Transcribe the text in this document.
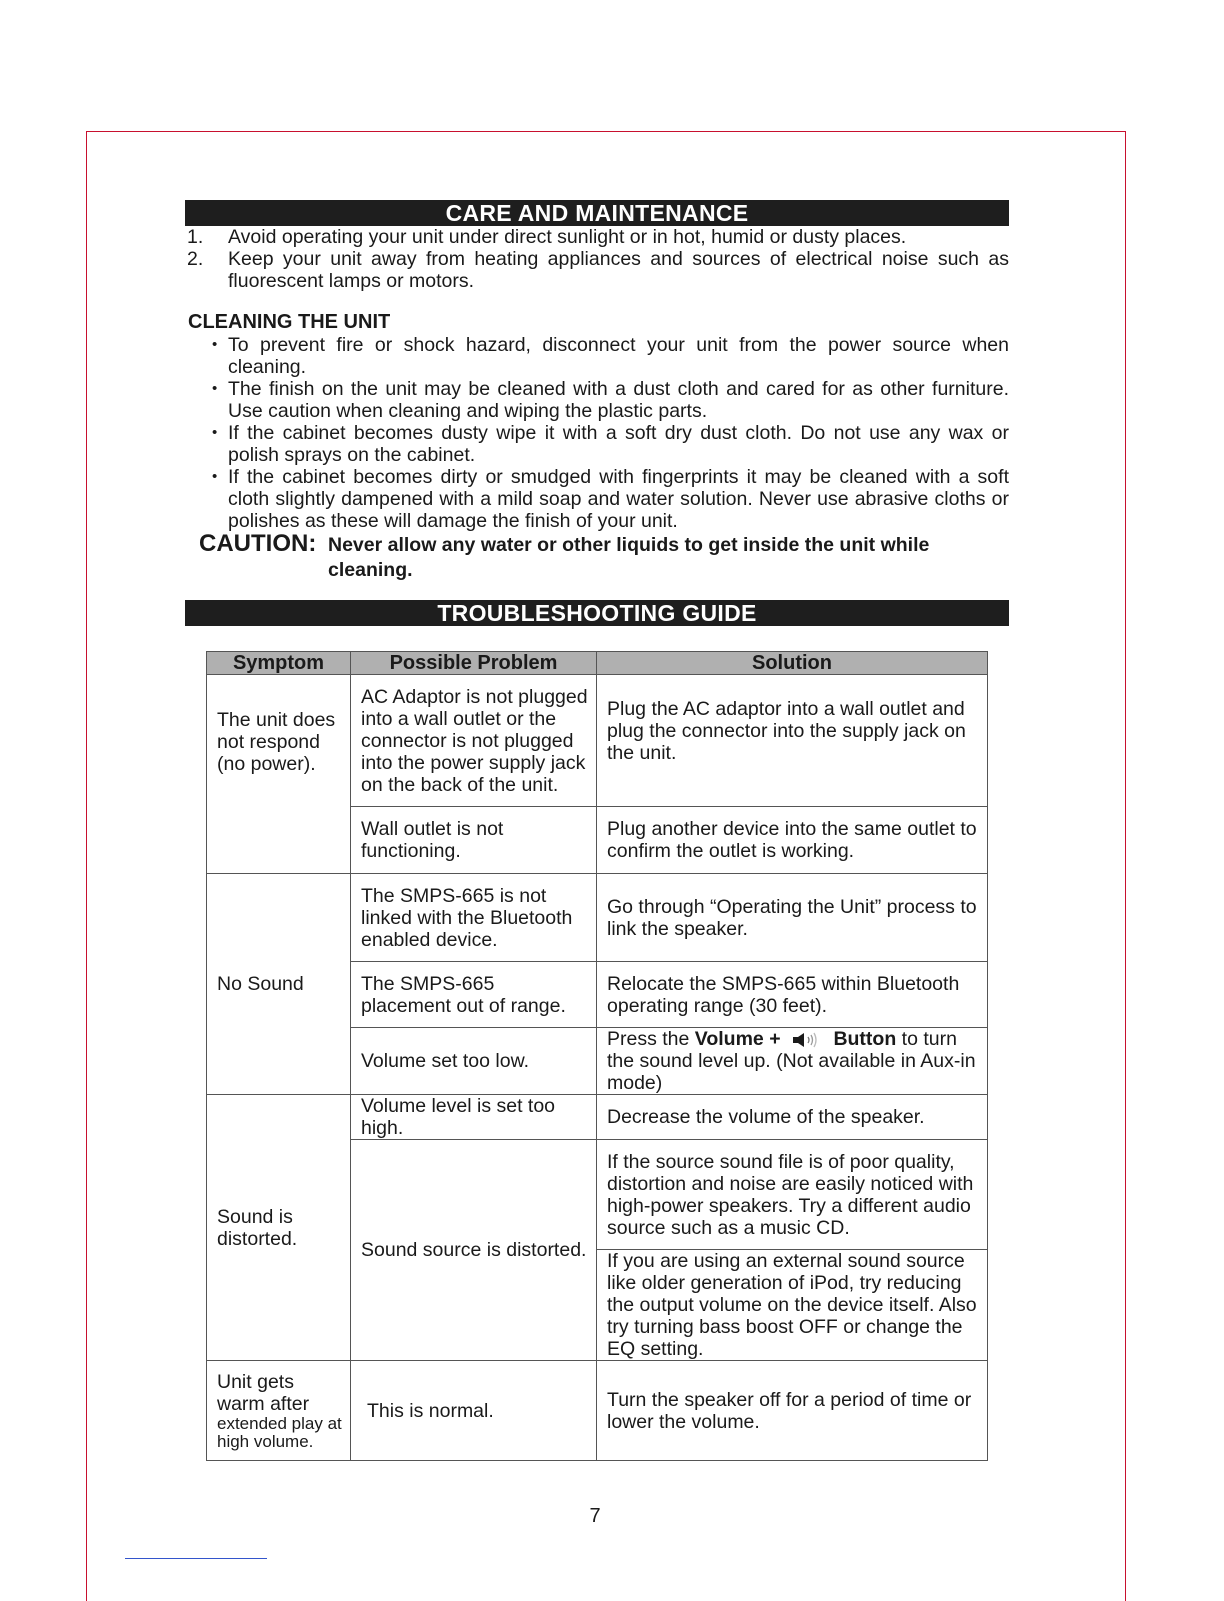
CARE AND MAINTENANCE
1.	Avoid operating your unit under direct sunlight or in hot, humid or dusty places.
2.	Keep your unit away from heating appliances and sources of electrical noise such as fluorescent lamps or motors.
CLEANING THE UNIT
• To prevent fire or shock hazard, disconnect your unit from the power source when cleaning.
• The finish on the unit may be cleaned with a dust cloth and cared for as other furniture. Use caution when cleaning and wiping the plastic parts.
• If the cabinet becomes dusty wipe it with a soft dry dust cloth. Do not use any wax or polish sprays on the cabinet.
• If the cabinet becomes dirty or smudged with fingerprints it may be cleaned with a soft cloth slightly dampened with a mild soap and water solution. Never use abrasive cloths or polishes as these will damage the finish of your unit.
CAUTION: Never allow any water or other liquids to get inside the unit while
cleaning.
TROUBLESHOOTING GUIDE
Symptom	Possible Problem	Solution
The unit does not respond (no power).	AC Adaptor is not plugged into a wall outlet or the connector is not plugged into the power supply jack on the back of the unit.	Plug the AC adaptor into a wall outlet and plug the connector into the supply jack on the unit.
	Wall outlet is not functioning.	Plug another device into the same outlet to confirm the outlet is working.
No Sound	The SMPS-665 is not linked with the Bluetooth enabled device.	Go through “Operating the Unit” process to link the speaker.
	The SMPS-665 placement out of range.	Relocate the SMPS-665 within Bluetooth operating range (30 feet).
	Volume set too low.	Press the Volume + Button to turn the sound level up. (Not available in Aux-in mode)
Sound is distorted.	Volume level is set too high.	Decrease the volume of the speaker.
	Sound source is distorted.	If the source sound file is of poor quality, distortion and noise are easily noticed with high-power speakers. Try a different audio source such as a music CD.
		If you are using an external sound source like older generation of iPod, try reducing the output volume on the device itself. Also try turning bass boost OFF or change the EQ setting.

Unit gets warm after
extended play at high volume.	This is normal.	Turn the speaker off for a period of time or lower the volume.
7
